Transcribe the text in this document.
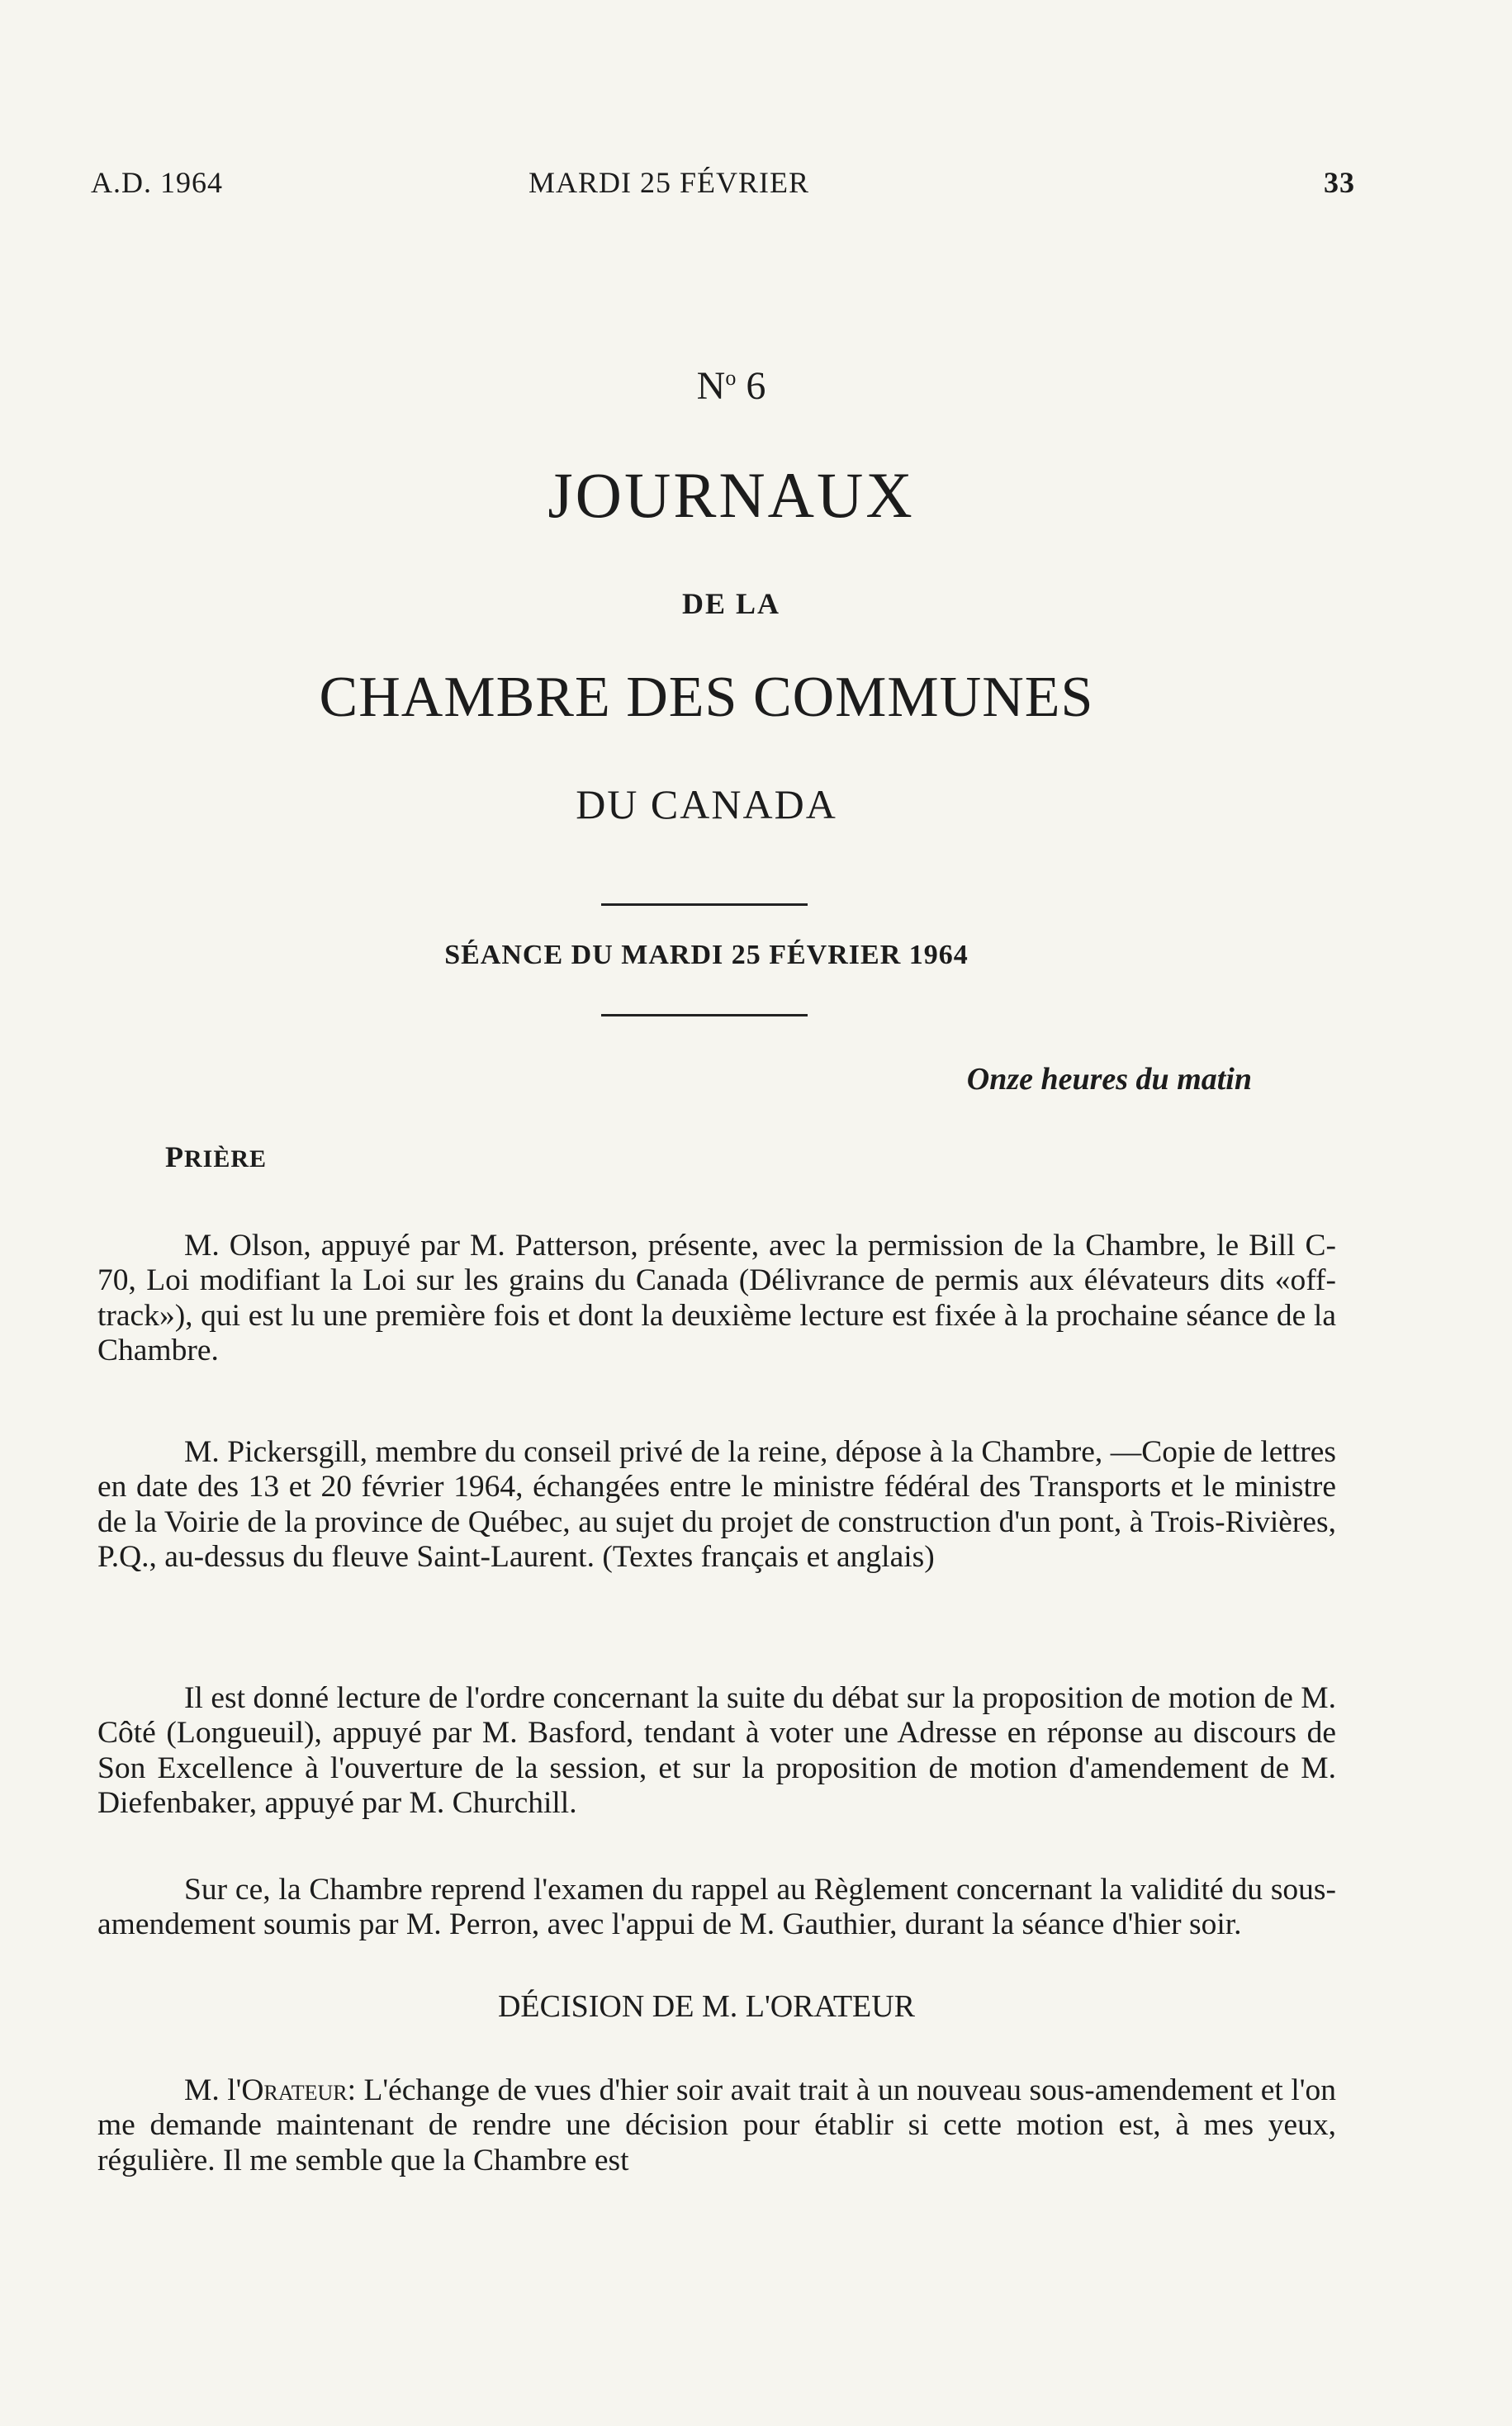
A.D. 1964	MARDI 25 FÉVRIER	33
$N^o$ 6
JOURNAUX
DE LA
CHAMBRE DES COMMUNES
DU CANADA
SÉANCE DU MARDI 25 FÉVRIER 1964
Onze heures du matin
PRIÈRE

M. Olson, appuyé par M. Patterson, présente, avec la permission de la Chambre, le Bill C-70, Loi modifiant la Loi sur les grains du Canada (Délivrance de permis aux élévateurs dits «off-track»), qui est lu une première fois et dont la deuxième lecture est fixée à la prochaine séance de la Chambre.

M. Pickersgill, membre du conseil privé de la reine, dépose à la Chambre, —Copie de lettres en date des 13 et 20 février 1964, échangées entre le ministre fédéral des Transports et le ministre de la Voirie de la province de Québec, au sujet du projet de construction d'un pont, à Trois-Rivières, P.Q., au-dessus du fleuve Saint-Laurent. (Textes français et anglais)

Il est donné lecture de l'ordre concernant la suite du débat sur la proposition de motion de M. Côté (Longueuil), appuyé par M. Basford, tendant à voter une Adresse en réponse au discours de Son Excellence à l'ouverture de la session, et sur la proposition de motion d'amendement de M. Diefenbaker, appuyé par M. Churchill.

Sur ce, la Chambre reprend l'examen du rappel au Règlement concernant la validité du sous-amendement soumis par M. Perron, avec l'appui de M. Gauthier, durant la séance d'hier soir.

DÉCISION DE M. L'ORATEUR

M. l'Orateur: L'échange de vues d'hier soir avait trait à un nouveau sous-amendement et l'on me demande maintenant de rendre une décision pour établir si cette motion est, à mes yeux, régulière. Il me semble que la Chambre est
